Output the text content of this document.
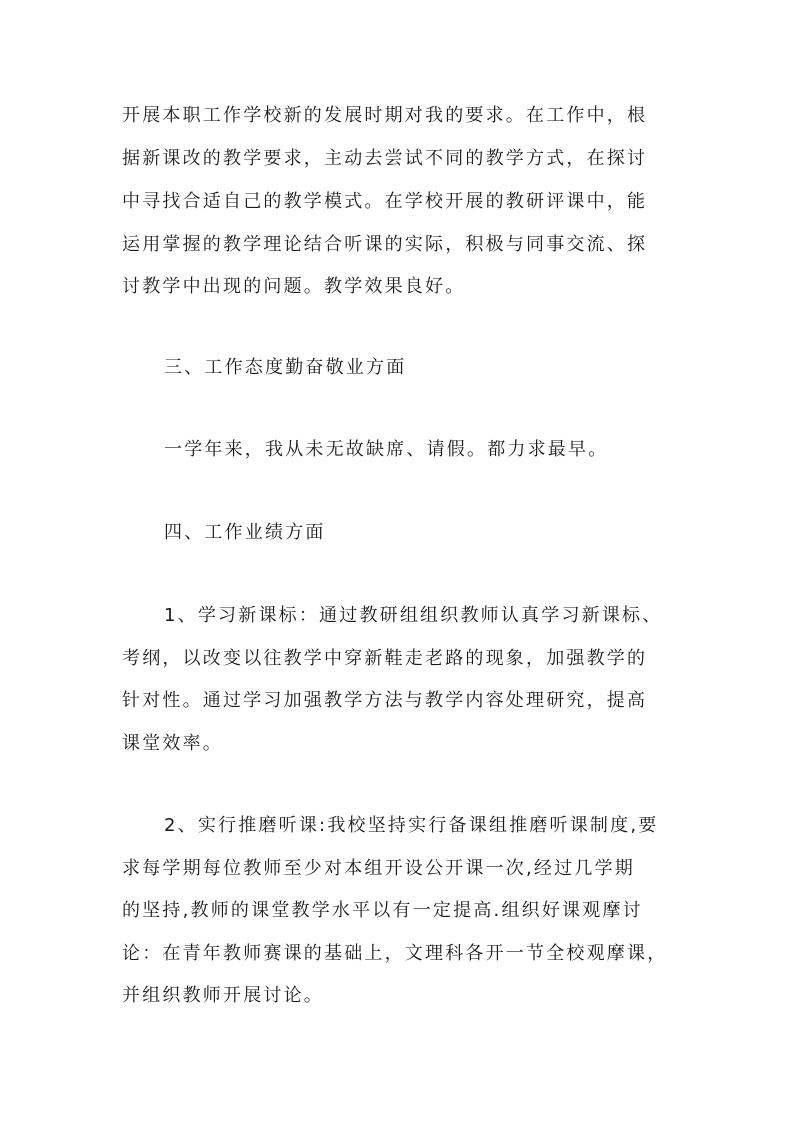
开展本职工作学校新的发展时期对我的要求。在工作中，根
据新课改的教学要求，主动去尝试不同的教学方式，在探讨
中寻找合适自己的教学模式。在学校开展的教研评课中，能
运用掌握的教学理论结合听课的实际，积极与同事交流、探
讨教学中出现的问题。教学效果良好。
三、工作态度勤奋敬业方面
一学年来，我从未无故缺席、请假。都力求最早。
四、工作业绩方面
1、学习新课标：通过教研组组织教师认真学习新课标、
考纲，以改变以往教学中穿新鞋走老路的现象，加强教学的
针对性。通过学习加强教学方法与教学内容处理研究，提高
课堂效率。
2、实行推磨听课:我校坚持实行备课组推磨听课制度,要
求每学期每位教师至少对本组开设公开课一次,经过几学期
的坚持,教师的课堂教学水平以有一定提高.组织好课观摩讨
论：在青年教师赛课的基础上，文理科各开一节全校观摩课，
并组织教师开展讨论。
